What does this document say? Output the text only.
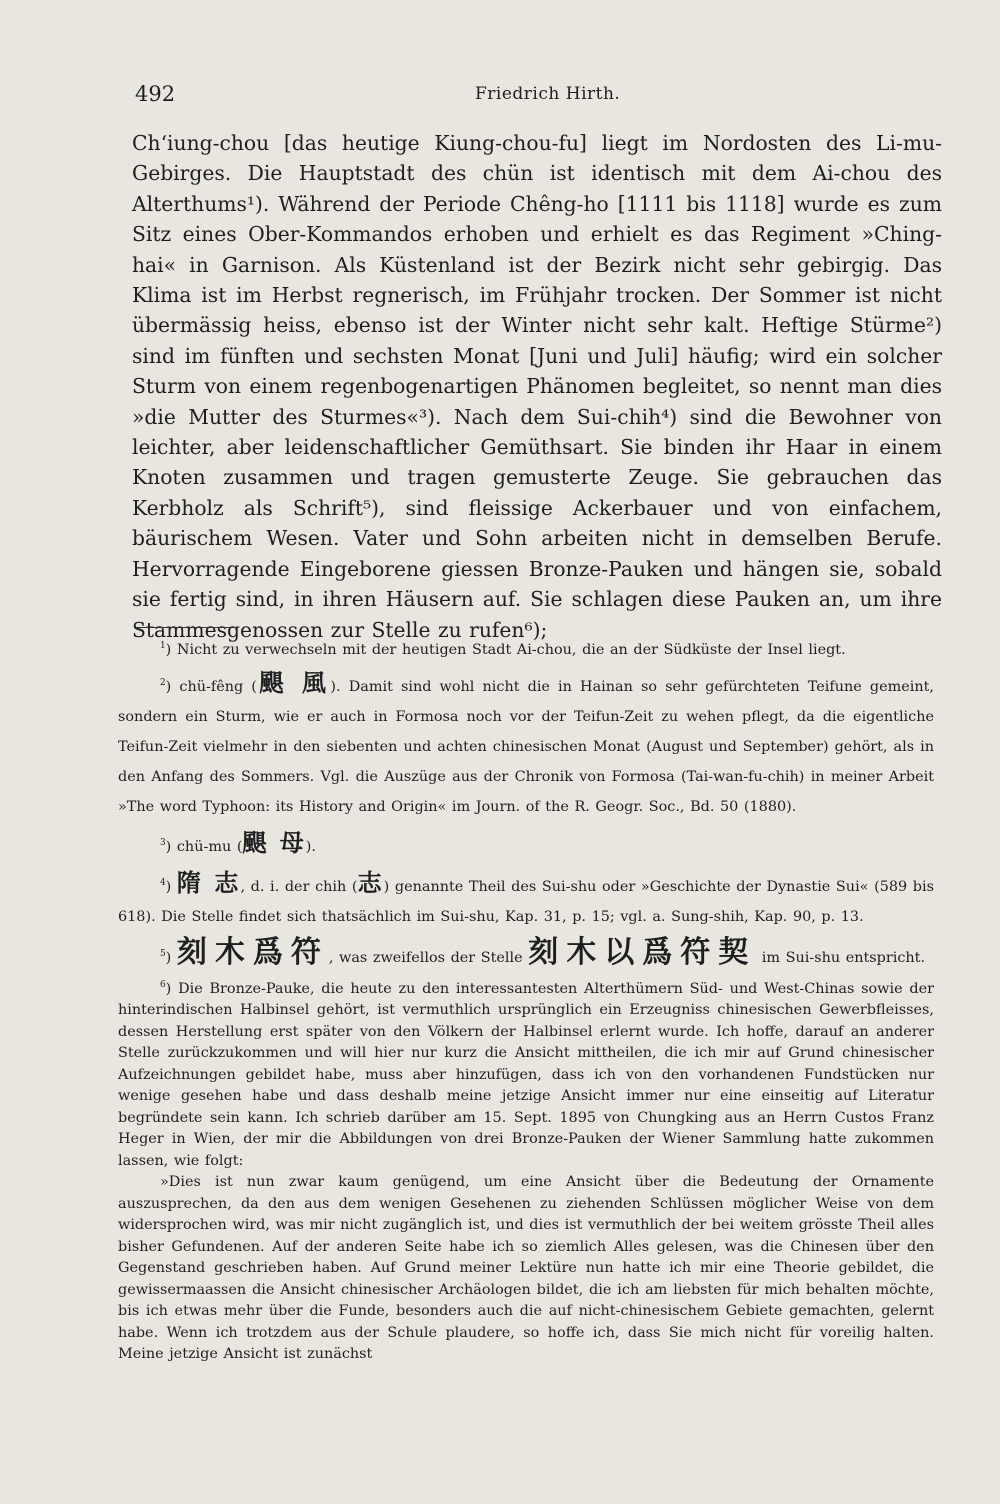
492	Friedrich Hirth.

Ch‘iung-chou [das heutige Kiung-chou-fu] liegt im Nordosten des Li-mu-Gebirges. Die Hauptstadt des chün ist identisch mit dem Ai-chou des Alterthums¹). Während der Periode Chêng-ho [1111 bis 1118] wurde es zum Sitz eines Ober-Kommandos erhoben und erhielt es das Regiment »Ching-hai« in Garnison. Als Küstenland ist der Bezirk nicht sehr gebirgig. Das Klima ist im Herbst regnerisch, im Frühjahr trocken. Der Sommer ist nicht übermässig heiss, ebenso ist der Winter nicht sehr kalt. Heftige Stürme²) sind im fünften und sechsten Monat [Juni und Juli] häufig; wird ein solcher Sturm von einem regenbogenartigen Phänomen begleitet, so nennt man dies »die Mutter des Sturmes«³). Nach dem Sui-chih⁴) sind die Bewohner von leichter, aber leidenschaftlicher Gemüthsart. Sie binden ihr Haar in einem Knoten zusammen und tragen gemusterte Zeuge. Sie gebrauchen das Kerbholz als Schrift⁵), sind fleissige Ackerbauer und von einfachem, bäurischem Wesen. Vater und Sohn arbeiten nicht in demselben Berufe. Hervorragende Eingeborene giessen Bronze-Pauken und hängen sie, sobald sie fertig sind, in ihren Häusern auf. Sie schlagen diese Pauken an, um ihre Stammesgenossen zur Stelle zu rufen⁶);

$^1$) Nicht zu verwechseln mit der heutigen Stadt Ai-chou, die an der Südküste der Insel liegt.

$^2$) chü-fêng (颶 風). Damit sind wohl nicht die in Hainan so sehr gefürchteten Teifune gemeint, sondern ein Sturm, wie er auch in Formosa noch vor der Teifun-Zeit zu wehen pflegt, da die eigentliche Teifun-Zeit vielmehr in den siebenten und achten chinesischen Monat (August und September) gehört, als in den Anfang des Sommers. Vgl. die Auszüge aus der Chronik von Formosa (Tai-wan-fu-chih) in meiner Arbeit »The word Typhoon: its History and Origin« im Journ. of the R. Geogr. Soc., Bd. 50 (1880).

$^3$) chü-mu (颶 母).

$^4$) 隋 志, d. i. der chih (志) genannte Theil des Sui-shu oder »Geschichte der Dynastie Sui« (589 bis 618). Die Stelle findet sich thatsächlich im Sui-shu, Kap. 31, p. 15; vgl. a. Sung-shih, Kap. 90, p. 13.

$^5$) 刻木爲符, was zweifellos der Stelle 刻木以爲符契 im Sui-shu entspricht.

$^6$) Die Bronze-Pauke, die heute zu den interessantesten Alterthümern Süd- und West-Chinas sowie der hinterindischen Halbinsel gehört, ist vermuthlich ursprünglich ein Erzeugniss chinesischen Gewerbfleisses, dessen Herstellung erst später von den Völkern der Halbinsel erlernt wurde. Ich hoffe, darauf an anderer Stelle zurückzukommen und will hier nur kurz die Ansicht mittheilen, die ich mir auf Grund chinesischer Aufzeichnungen gebildet habe, muss aber hinzufügen, dass ich von den vorhandenen Fundstücken nur wenige gesehen habe und dass deshalb meine jetzige Ansicht immer nur eine einseitig auf Literatur begründete sein kann. Ich schrieb darüber am 15. Sept. 1895 von Chungking aus an Herrn Custos Franz Heger in Wien, der mir die Abbildungen von drei Bronze-Pauken der Wiener Sammlung hatte zukommen lassen, wie folgt:

»Dies ist nun zwar kaum genügend, um eine Ansicht über die Bedeutung der Ornamente auszusprechen, da den aus dem wenigen Gesehenen zu ziehenden Schlüssen möglicher Weise von dem widersprochen wird, was mir nicht zugänglich ist, und dies ist vermuthlich der bei weitem grösste Theil alles bisher Gefundenen. Auf der anderen Seite habe ich so ziemlich Alles gelesen, was die Chinesen über den Gegenstand geschrieben haben. Auf Grund meiner Lektüre nun hatte ich mir eine Theorie gebildet, die gewissermaassen die Ansicht chinesischer Archäologen bildet, die ich am liebsten für mich behalten möchte, bis ich etwas mehr über die Funde, besonders auch die auf nicht-chinesischem Gebiete gemachten, gelernt habe. Wenn ich trotzdem aus der Schule plaudere, so hoffe ich, dass Sie mich nicht für voreilig halten. Meine jetzige Ansicht ist zunächst
